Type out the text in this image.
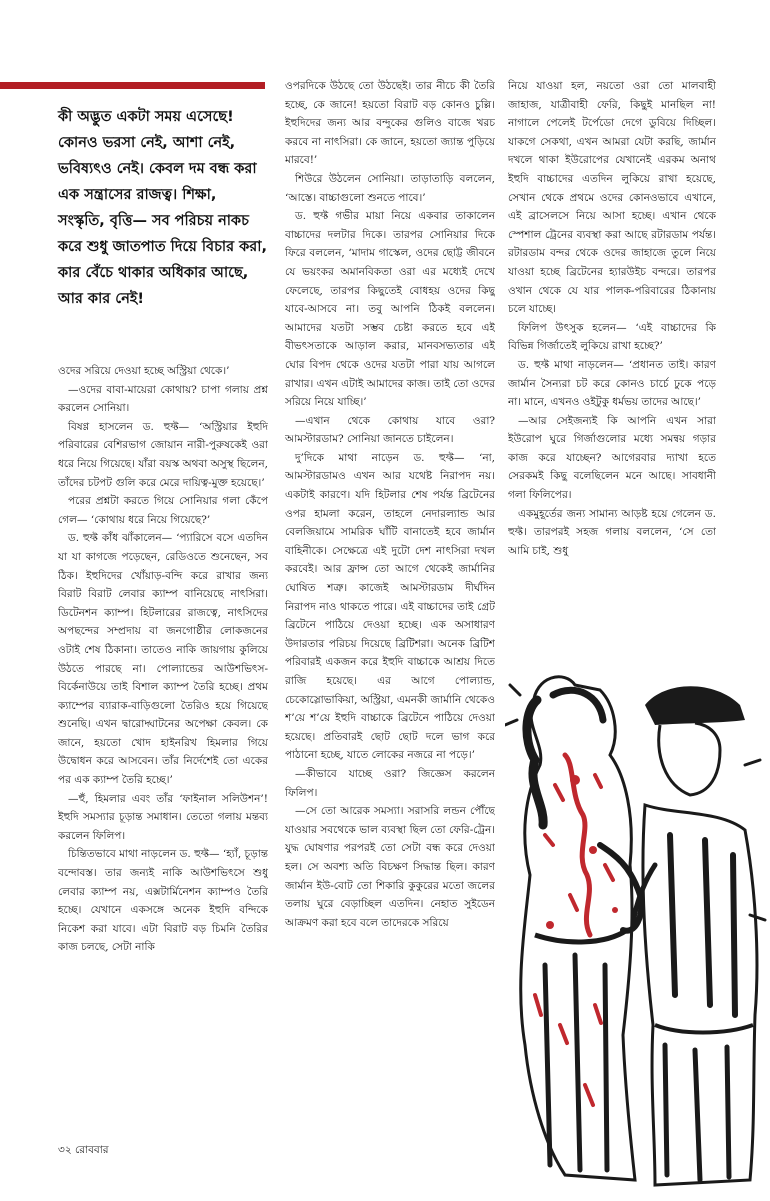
কী অদ্ভুত একটা সময় এসেছে! কোনও ভরসা নেই, আশা নেই, ভবিষ্যৎও নেই। কেবল দম বন্ধ করা এক সন্ত্রাসের রাজত্ব। শিক্ষা, সংস্কৃতি, বৃত্তি— সব পরিচয় নাকচ করে শুধু জাতপাত দিয়ে বিচার করা, কার বেঁচে থাকার অধিকার আছে, আর কার নেই!

ওদের সরিয়ে দেওয়া হচ্ছে অস্ট্রিয়া থেকে।’

—ওদের বাবা-মায়েরা কোথায়? চাপা গলায় প্রশ্ন করলেন সোনিয়া।

বিষণ্ণ হাসলেন ড. হুফ্ট— ‘অস্ট্রিয়ার ইহুদি পরিবারের বেশিরভাগ জোয়ান নারী-পুরুষকেই ওরা ধরে নিয়ে গিয়েছে। যাঁরা বয়স্ক অথবা অসুস্থ ছিলেন, তাঁদের চটপট গুলি করে মেরে দায়িত্ব-মুক্ত হয়েছে।’

পরের প্রশ্নটা করতে গিয়ে সোনিয়ার গলা কেঁপে গেল— ‘কোথায় ধরে নিয়ে গিয়েছে?’

ড. হুফ্ট কাঁধ ঝাঁকালেন— ‘প্যারিসে বসে এতদিন যা যা কাগজে পড়েছেন, রেডিওতে শুনেছেন, সব ঠিক। ইহুদিদের খোঁয়াড়-বন্দি করে রাখার জন্য বিরাট বিরাট লেবার ক্যাম্প বানিয়েছে নাৎসিরা। ডিটেনশন ক্যাম্প। হিটলারের রাজত্বে, নাৎসিদের অপছন্দের সম্প্রদায় বা জনগোষ্ঠীর লোকজনের ওটাই শেষ ঠিকানা। তাতেও নাকি জায়গায় কুলিয়ে উঠতে পারছে না। পোল্যান্ডের আউশভিৎস-বির্কেনাউয়ে তাই বিশাল ক্যাম্প তৈরি হচ্ছে। প্রথম ক্যাম্পের ব্যারাক-বাড়িগুলো তৈরিও হয়ে গিয়েছে শুনেছি। এখন দ্বারোদ্ঘাটনের অপেক্ষা কেবল। কে জানে, হয়তো খোদ হাইনরিখ হিমলার গিয়ে উদ্বোধন করে আসবেন। তাঁর নির্দেশেই তো একের পর এক ক্যাম্প তৈরি হচ্ছে।’

—হুঁ, হিমলার এবং তাঁর ‘ফাইনাল সলিউশন’! ইহুদি সমস্যার চূড়ান্ত সমাধান। তেতো গলায় মন্তব্য করলেন ফিলিপ।

চিন্তিতভাবে মাথা নাড়লেন ড. হুফ্ট— ‘হ্যাঁ, চূড়ান্ত বন্দোবস্ত। তার জন্যই নাকি আউশভিৎসে শুধু লেবার ক্যাম্প নয়, এক্সটার্মিনেশন ক্যাম্পও তৈরি হচ্ছে। যেখানে একসঙ্গে অনেক ইহুদি বন্দিকে নিকেশ করা যাবে। এটা বিরাট বড় চিমনি তৈরির কাজ চলছে, সেটা নাকি

ওপরদিকে উঠছে তো উঠছেই। তার নীচে কী তৈরি হচ্ছে, কে জানে! হয়তো বিরাট বড় কোনও চুল্লি। ইহুদিদের জন্য আর বন্দুকের গুলিও বাজে খরচ করবে না নাৎসিরা। কে জানে, হয়তো জ্যান্ত পুড়িয়ে মারবে!’

শিউরে উঠলেন সোনিয়া। তাড়াতাড়ি বললেন, ‘আস্তে। বাচ্চাগুলো শুনতে পাবে।’

ড. হুফ্ট গভীর মায়া নিয়ে একবার তাকালেন বাচ্চাদের দলটার দিকে। তারপর সোনিয়ার দিকে ফিরে বললেন, ‘মাদাম গাস্কেল, ওদের ছোট্ট জীবনে যে ভয়ংকর অমানবিকতা ওরা এর মধ্যেই দেখে ফেলেছে, তারপর কিছুতেই বোধহয় ওদের কিছু যাবে-আসবে না। তবু আপনি ঠিকই বললেন। আমাদের যতটা সম্ভব চেষ্টা করতে হবে এই বীভৎসতাকে আড়াল করার, মানবসভ্যতার এই ঘোর বিপদ থেকে ওদের যতটা পারা যায় আগলে রাখার। এখন এটাই আমাদের কাজ। তাই তো ওদের সরিয়ে নিয়ে যাচ্ছি।’

—এখান থেকে কোথায় যাবে ওরা? আমস্টারডাম? সোনিয়া জানতে চাইলেন।

দু’দিকে মাথা নাড়েন ড. হুফ্ট— ‘না, আমস্টারডামও এখন আর যথেষ্ট নিরাপদ নয়। একটাই কারণে। যদি হিটলার শেষ পর্যন্ত ব্রিটেনের ওপর হামলা করেন, তাহলে নেদারল্যান্ড আর বেলজিয়ামে সামরিক ঘাঁটি বানাতেই হবে জার্মান বাহিনীকে। সেক্ষেত্রে এই দুটো দেশ নাৎসিরা দখল করবেই। আর ফ্রান্স তো আগে থেকেই জার্মানির ঘোষিত শত্রু। কাজেই আমস্টারডাম দীর্ঘদিন নিরাপদ নাও থাকতে পারে। এই বাচ্চাদের তাই গ্রেট ব্রিটেনে পাঠিয়ে দেওয়া হচ্ছে। এক অসাধারণ উদারতার পরিচয় দিয়েছে ব্রিটিশরা। অনেক ব্রিটিশ পরিবারই একজন করে ইহুদি বাচ্চাকে আশ্রয় দিতে রাজি হয়েছে। এর আগে পোল্যান্ড, চেকোস্লোভাকিয়া, অস্ট্রিয়া, এমনকী জার্মানি থেকেও শ’য়ে শ’য়ে ইহুদি বাচ্চাকে ব্রিটেনে পাঠিয়ে দেওয়া হয়েছে। প্রতিবারই ছোট ছোট দলে ভাগ করে পাঠানো হচ্ছে, যাতে লোকের নজরে না পড়ে।’

—কীভাবে যাচ্ছে ওরা? জিজ্ঞেস করলেন ফিলিপ।

—সে তো আরেক সমস্যা। সরাসরি লন্ডন পৌঁছে যাওয়ার সবথেকে ভাল ব্যবস্থা ছিল তো ফেরি-ট্রেন। যুদ্ধ ঘোষণার পরপরই তো সেটা বন্ধ করে দেওয়া হল। সে অবশ্য অতি বিচক্ষণ সিদ্ধান্ত ছিল। কারণ জার্মান ইউ-বোট তো শিকারি কুকুরের মতো জলের তলায় ঘুরে বেড়াচ্ছিল এতদিন। নেহাত সুইডেন আক্রমণ করা হবে বলে তাদেরকে সরিয়ে

নিয়ে যাওয়া হল, নয়তো ওরা তো মালবাহী জাহাজ, যাত্রীবাহী ফেরি, কিছুই মানছিল না! নাগালে পেলেই টর্পেডো দেগে ডুবিয়ে দিচ্ছিল। যাকগে সেকথা, এখন আমরা যেটা করছি, জার্মান দখলে থাকা ইউরোপের যেখানেই এরকম অনাথ ইহুদি বাচ্চাদের এতদিন লুকিয়ে রাখা হয়েছে, সেখান থেকে প্রথমে ওদের কোনওভাবে এখানে, এই ব্রাসেলসে নিয়ে আসা হচ্ছে। এখান থেকে স্পেশাল ট্রেনের ব্যবস্থা করা আছে রটারডাম পর্যন্ত। রটারডাম বন্দর থেকে ওদের জাহাজে তুলে নিয়ে যাওয়া হচ্ছে ব্রিটেনের হ্যারউইচ বন্দরে। তারপর ওখান থেকে যে যার পালক-পরিবারের ঠিকানায় চলে যাচ্ছে।

ফিলিপ উৎসুক হলেন— ‘এই বাচ্চাদের কি বিভিন্ন গির্জাতেই লুকিয়ে রাখা হচ্ছে?’

ড. হুফ্ট মাথা নাড়লেন— ‘প্রধানত তাই। কারণ জার্মান সৈন্যরা চট করে কোনও চার্চে ঢুকে পড়ে না। মানে, এখনও ওইটুকু ধর্মভয় তাদের আছে।’

—আর সেইজন্যই কি আপনি এখন সারা ইউরোপ ঘুরে গির্জাগুলোর মধ্যে সমন্বয় গড়ার কাজ করে যাচ্ছেন? আগেরবার দ্যাখা হতে সেরকমই কিছু বলেছিলেন মনে আছে। সাবধানী গলা ফিলিপের।

একমুহূর্তের জন্য সামান্য আড়ষ্ট হয়ে গেলেন ড. হুফ্ট। তারপরই সহজ গলায় বললেন, ‘সে তো আমি চাই, শুধু

৩২ রোববার
